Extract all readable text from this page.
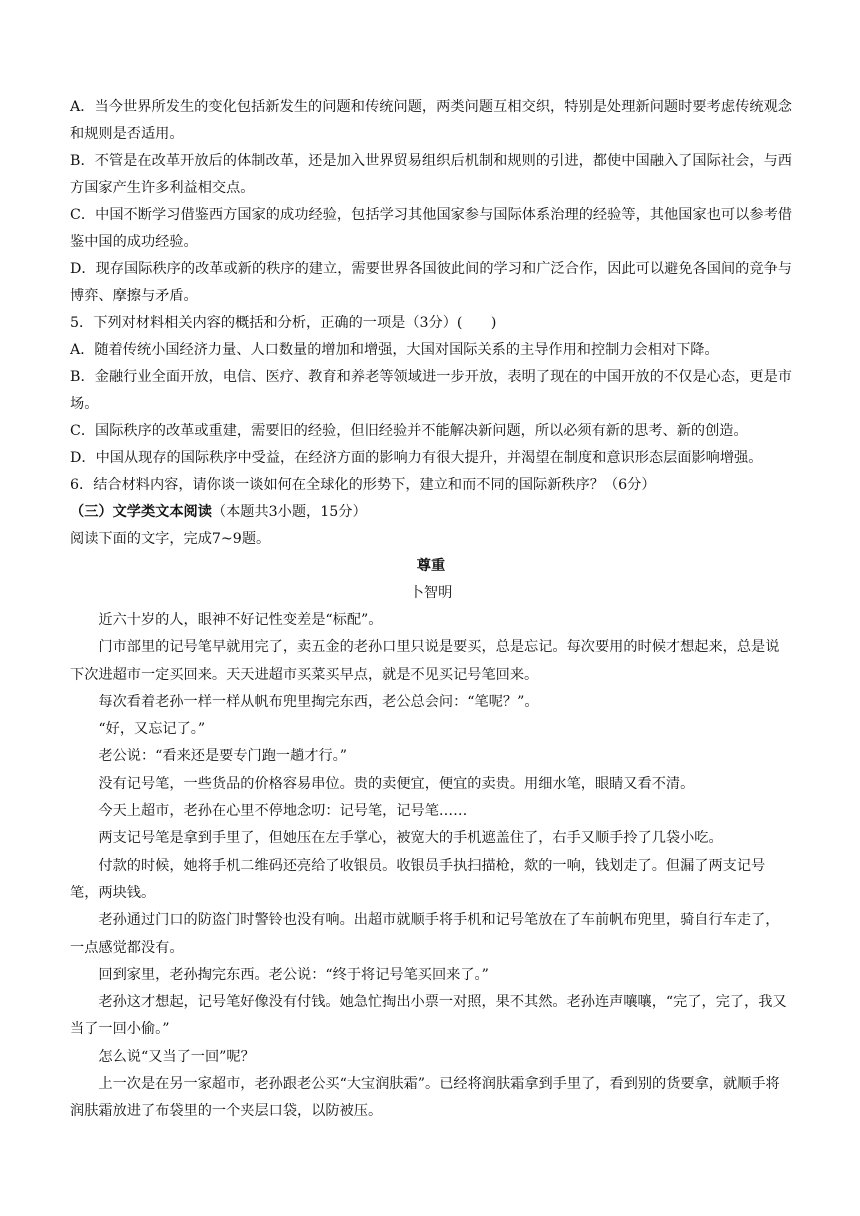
A．当今世界所发生的变化包括新发生的问题和传统问题，两类问题互相交织，特别是处理新问题时要考虑传统观念和规则是否适用。
B．不管是在改革开放后的体制改革，还是加入世界贸易组织后机制和规则的引进，都使中国融入了国际社会，与西方国家产生许多利益相交点。
C．中国不断学习借鉴西方国家的成功经验，包括学习其他国家参与国际体系治理的经验等，其他国家也可以参考借鉴中国的成功经验。
D．现存国际秩序的改革或新的秩序的建立，需要世界各国彼此间的学习和广泛合作，因此可以避免各国间的竞争与博弈、摩擦与矛盾。
5．下列对材料相关内容的概括和分析，正确的一项是（3分）(　　)
A．随着传统小国经济力量、人口数量的增加和增强，大国对国际关系的主导作用和控制力会相对下降。
B．金融行业全面开放，电信、医疗、教育和养老等领域进一步开放，表明了现在的中国开放的不仅是心态，更是市场。
C．国际秩序的改革或重建，需要旧的经验，但旧经验并不能解决新问题，所以必须有新的思考、新的创造。
D．中国从现存的国际秩序中受益，在经济方面的影响力有很大提升，并渴望在制度和意识形态层面影响增强。
6．结合材料内容，请你谈一谈如何在全球化的形势下，建立和而不同的国际新秩序？（6分）
（三）文学类文本阅读（本题共3小题，15分）
阅读下面的文字，完成7~9题。
尊重
卜智明
近六十岁的人，眼神不好记性变差是“标配”。
门市部里的记号笔早就用完了，卖五金的老孙口里只说是要买，总是忘记。每次要用的时候才想起来，总是说下次进超市一定买回来。天天进超市买菜买早点，就是不见买记号笔回来。
每次看着老孙一样一样从帆布兜里掏完东西，老公总会问：“笔呢？”。
“好，又忘记了。”
老公说：“看来还是要专门跑一趟才行。”
没有记号笔，一些货品的价格容易串位。贵的卖便宜，便宜的卖贵。用细水笔，眼睛又看不清。
今天上超市，老孙在心里不停地念叨：记号笔，记号笔……
两支记号笔是拿到手里了，但她压在左手掌心，被宽大的手机遮盖住了，右手又顺手拎了几袋小吃。
付款的时候，她将手机二维码还亮给了收银员。收银员手执扫描枪，欻的一响，钱划走了。但漏了两支记号笔，两块钱。
老孙通过门口的防盗门时警铃也没有响。出超市就顺手将手机和记号笔放在了车前帆布兜里，骑自行车走了，一点感觉都没有。
回到家里，老孙掏完东西。老公说：“终于将记号笔买回来了。”
老孙这才想起，记号笔好像没有付钱。她急忙掏出小票一对照，果不其然。老孙连声嚷嚷，“完了，完了，我又当了一回小偷。”
怎么说“又当了一回”呢？
上一次是在另一家超市，老孙跟老公买“大宝润肤霜”。已经将润肤霜拿到手里了，看到别的货要拿，就顺手将润肤霜放进了布袋里的一个夹层口袋，以防被压。
